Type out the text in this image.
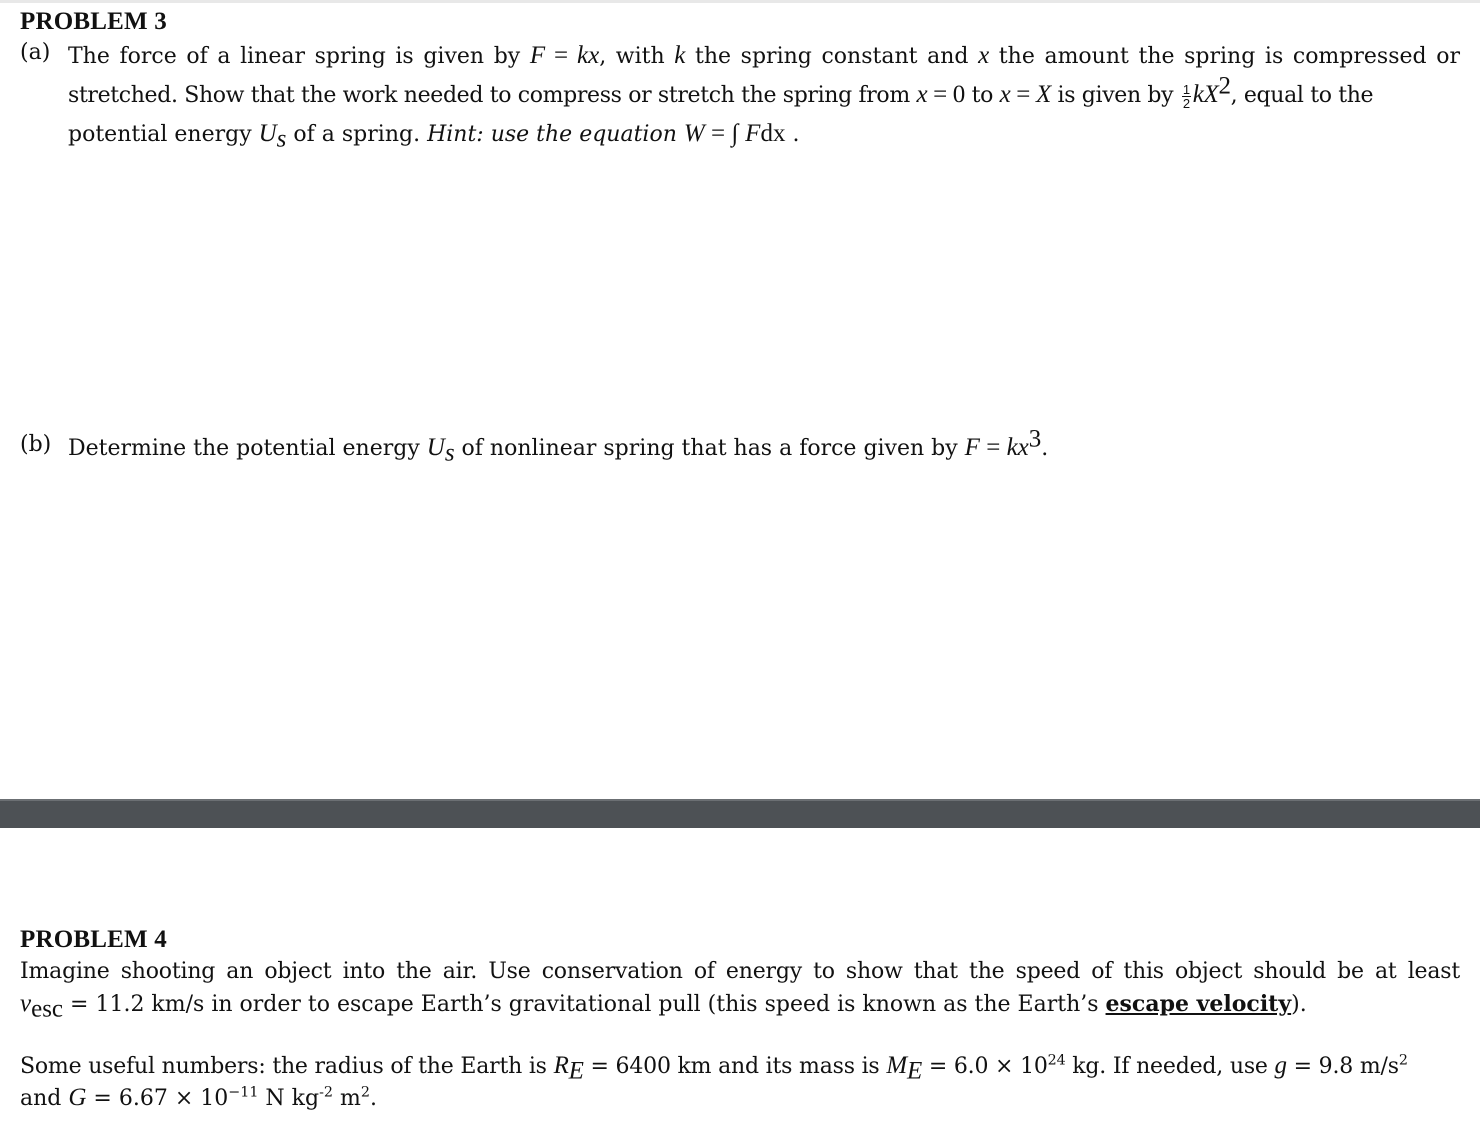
PROBLEM 3
(a) The force of a linear spring is given by F = kx, with k the spring constant and x the amount the spring is compressed or
stretched. Show that the work needed to compress or stretch the spring from x = 0 to x = X is given by $\frac{1}{2} kX^2$, equal to the
potential energy $U_s$ of a spring. Hint: use the equation W = ∫ Fdx .
(b) Determine the potential energy $U_s$ of nonlinear spring that has a force given by $F = kx^3$.
PROBLEM 4
Imagine shooting an object into the air. Use conservation of energy to show that the speed of this object should be at least
$v_{esc} = 11.2$ km/s in order to escape Earth’s gravitational pull (this speed is known as the Earth’s escape velocity).
Some useful numbers: the radius of the Earth is $R_E = 6400$ km and its mass is $M_E = 6.0 \times 10^{24}$ kg. If needed, use g = 9.8 $m/s^2$
and $G = 6.67 \times 10^{-11}$ N $kg^{-2}$ $m^2$.
